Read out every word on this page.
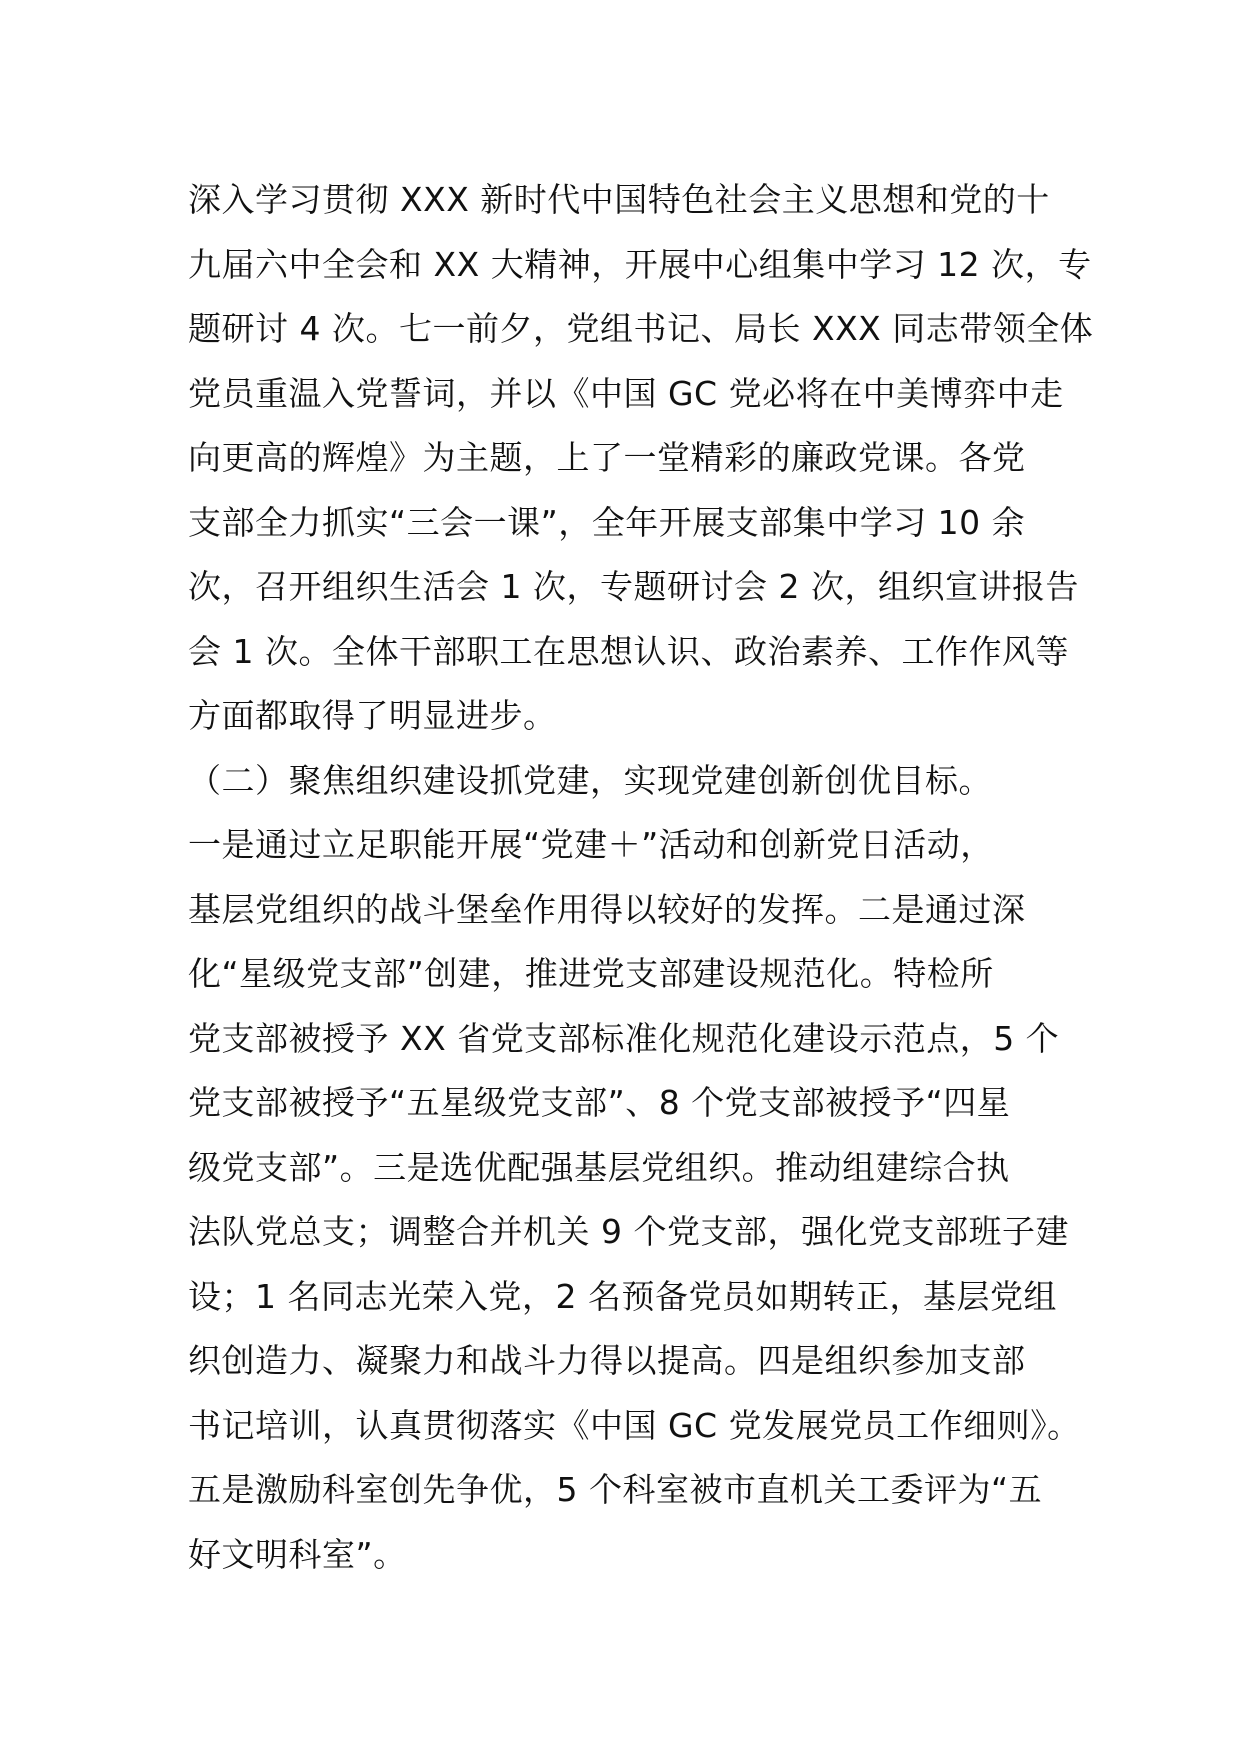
深入学习贯彻 XXX 新时代中国特色社会主义思想和党的十
九届六中全会和 XX 大精神，开展中心组集中学习 12 次，专
题研讨 4 次。七一前夕，党组书记、局长 XXX 同志带领全体
党员重温入党誓词，并以《中国 GC 党必将在中美博弈中走
向更高的辉煌》为主题，上了一堂精彩的廉政党课。各党
支部全力抓实“三会一课”，全年开展支部集中学习 10 余
次，召开组织生活会 1 次，专题研讨会 2 次，组织宣讲报告
会 1 次。全体干部职工在思想认识、政治素养、工作作风等
方面都取得了明显进步。
（二）聚焦组织建设抓党建，实现党建创新创优目标。
一是通过立足职能开展“党建＋”活动和创新党日活动，
基层党组织的战斗堡垒作用得以较好的发挥。二是通过深
化“星级党支部”创建，推进党支部建设规范化。特检所
党支部被授予 XX 省党支部标准化规范化建设示范点，5 个
党支部被授予“五星级党支部”、8 个党支部被授予“四星
级党支部”。三是选优配强基层党组织。推动组建综合执
法队党总支；调整合并机关 9 个党支部，强化党支部班子建
设；1 名同志光荣入党，2 名预备党员如期转正，基层党组
织创造力、凝聚力和战斗力得以提高。四是组织参加支部
书记培训，认真贯彻落实《中国 GC 党发展党员工作细则》。
五是激励科室创先争优，5 个科室被市直机关工委评为“五
好文明科室”。
